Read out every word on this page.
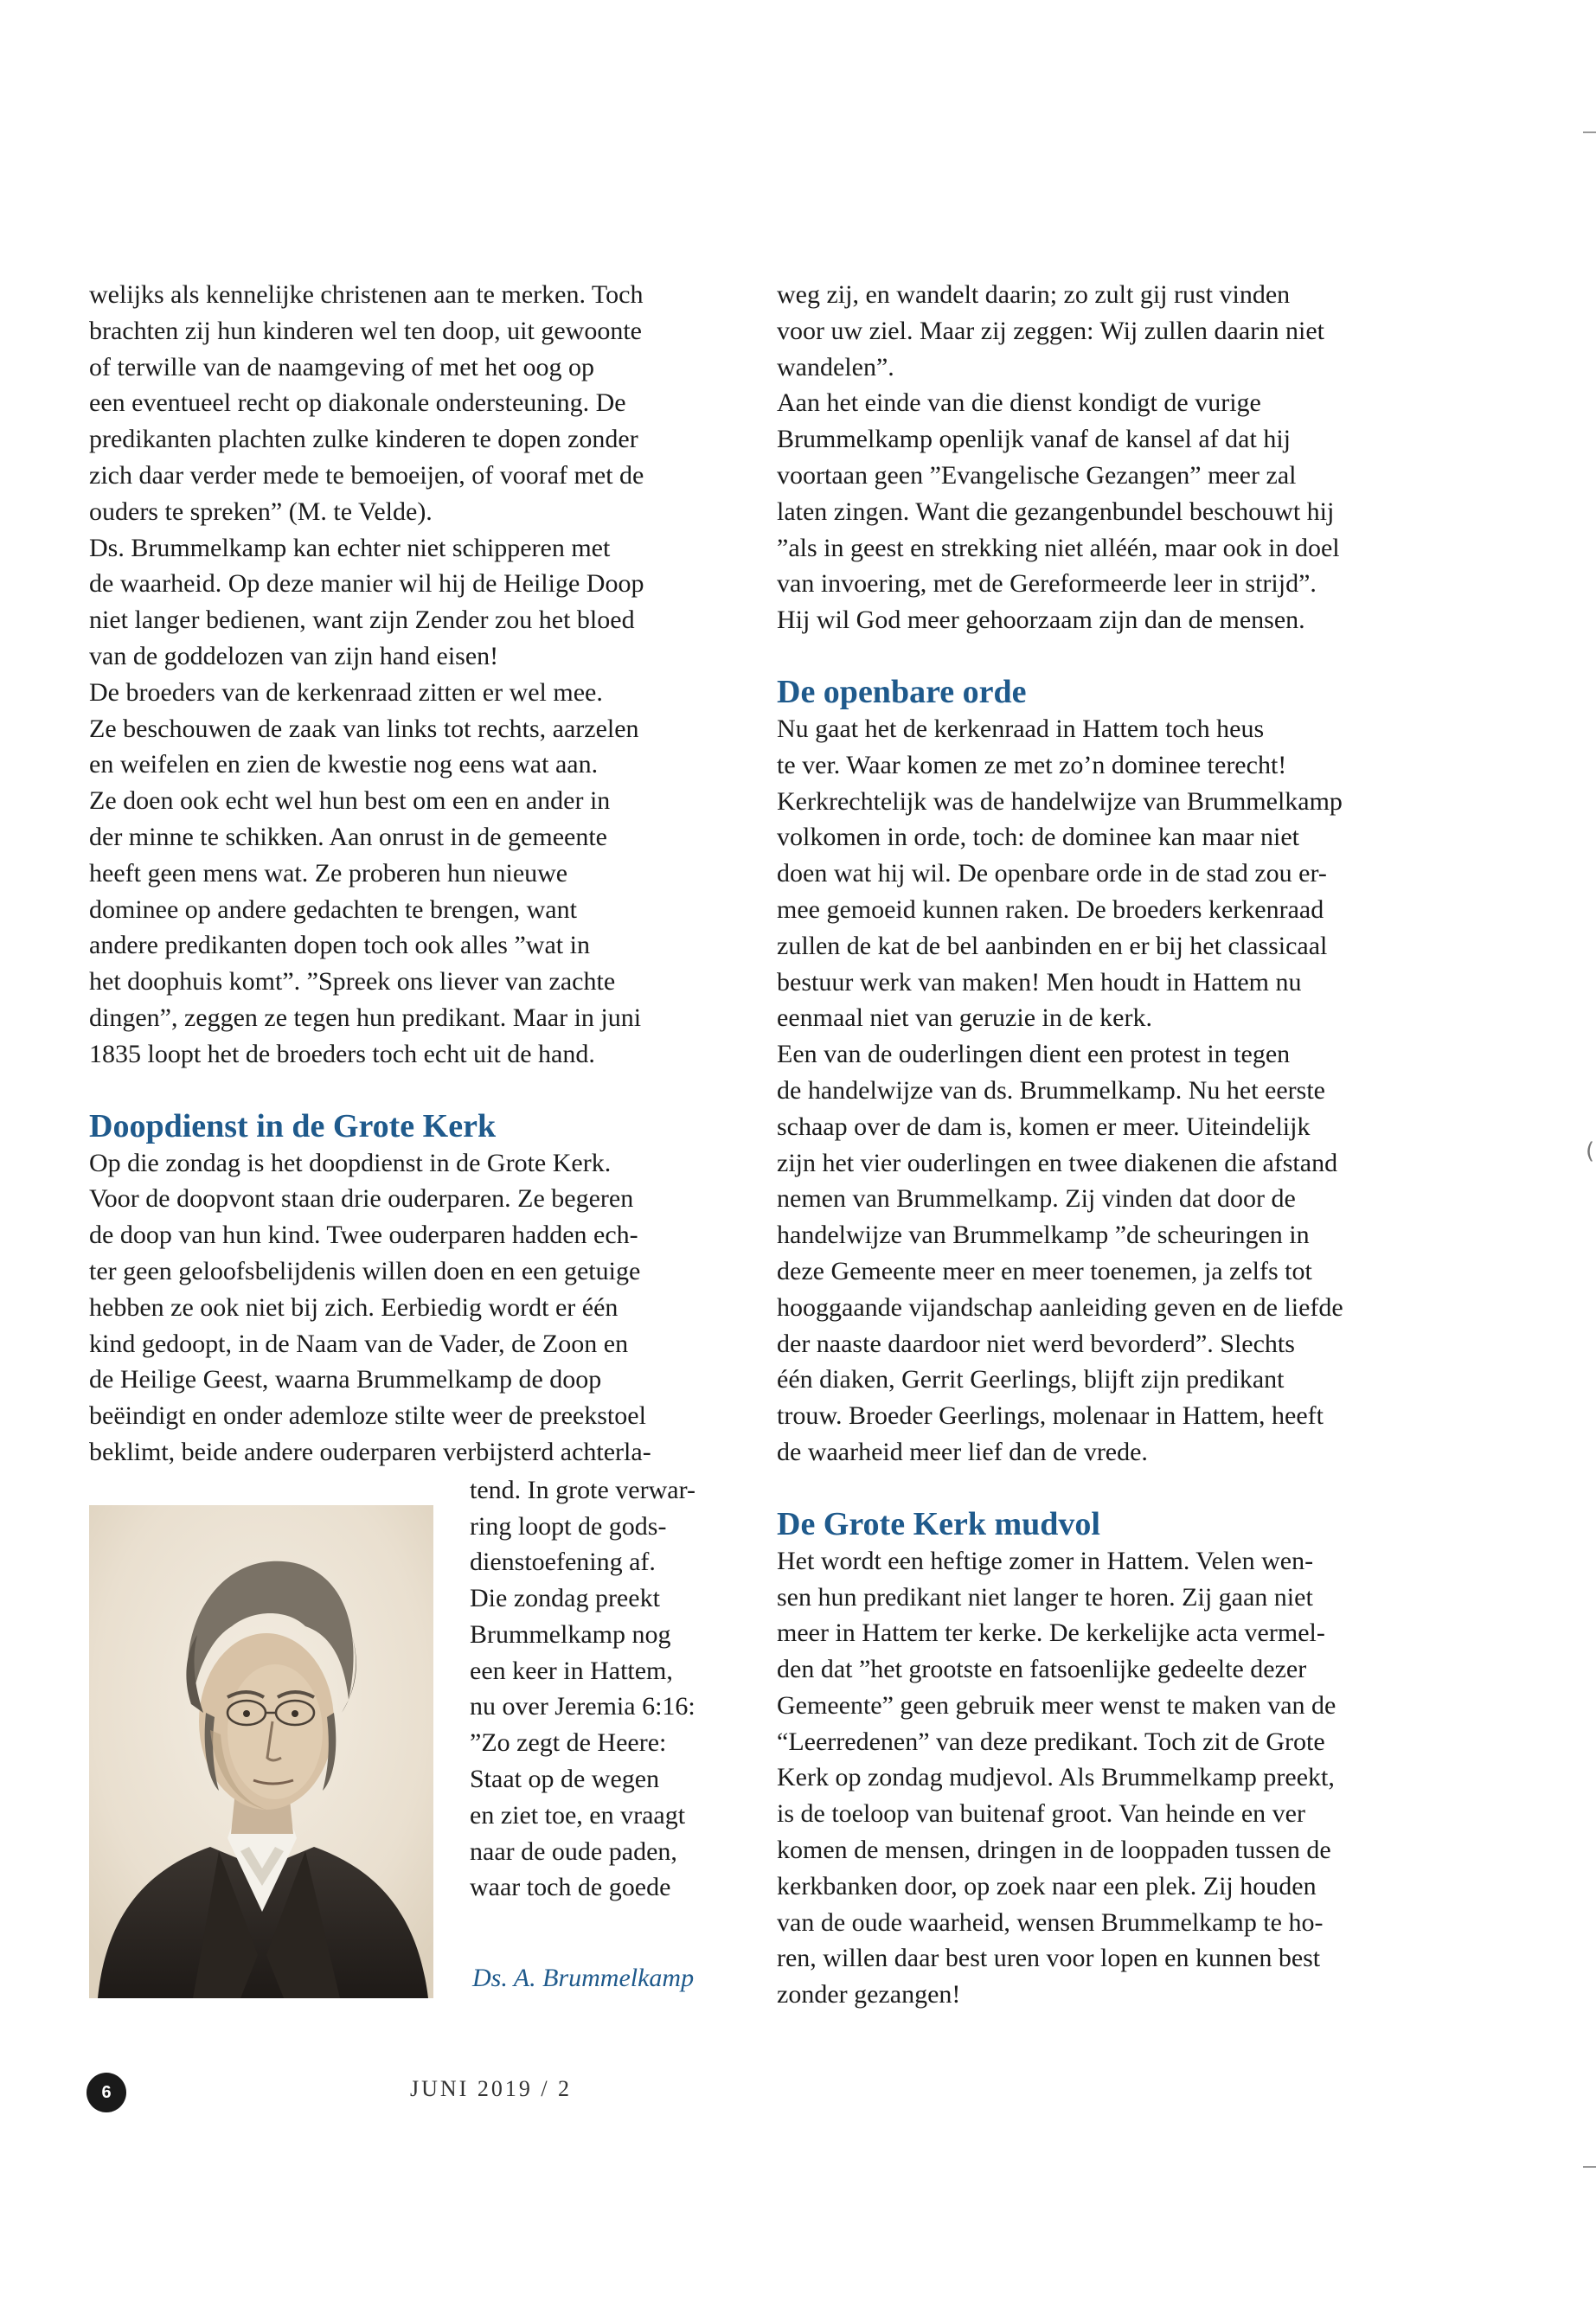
welijks als kennelijke christenen aan te merken. Toch
brachten zij hun kinderen wel ten doop, uit gewoonte
of terwille van de naamgeving of met het oog op
een eventueel recht op diakonale ondersteuning. De
predikanten plachten zulke kinderen te dopen zonder
zich daar verder mede te bemoeijen, of vooraf met de
ouders te spreken” (M. te Velde).

Ds. Brummelkamp kan echter niet schipperen met
de waarheid. Op deze manier wil hij de Heilige Doop
niet langer bedienen, want zijn Zender zou het bloed
van de goddelozen van zijn hand eisen!

De broeders van de kerkenraad zitten er wel mee.
Ze beschouwen de zaak van links tot rechts, aarzelen
en weifelen en zien de kwestie nog eens wat aan.
Ze doen ook echt wel hun best om een en ander in
der minne te schikken. Aan onrust in de gemeente
heeft geen mens wat. Ze proberen hun nieuwe
dominee op andere gedachten te brengen, want
andere predikanten dopen toch ook alles ”wat in
het doophuis komt”. ”Spreek ons liever van zachte
dingen”, zeggen ze tegen hun predikant. Maar in juni
1835 loopt het de broeders toch echt uit de hand.

Doopdienst in de Grote Kerk

Op die zondag is het doopdienst in de Grote Kerk.
Voor de doopvont staan drie ouderparen. Ze begeren
de doop van hun kind. Twee ouderparen hadden ech-
ter geen geloofsbelijdenis willen doen en een getuige
hebben ze ook niet bij zich. Eerbiedig wordt er één
kind gedoopt, in de Naam van de Vader, de Zoon en
de Heilige Geest, waarna Brummelkamp de doop
beëindigt en onder ademloze stilte weer de preekstoel
beklimt, beide andere ouderparen verbijsterd achterla-

tend. In grote verwar-
ring loopt de gods-
dienstoefening af.
Die zondag preekt
Brummelkamp nog
een keer in Hattem,
nu over Jeremia 6:16:
”Zo zegt de Heere:
Staat op de wegen
en ziet toe, en vraagt
naar de oude paden,
waar toch de goede

Ds. A. Brummelkamp

weg zij, en wandelt daarin; zo zult gij rust vinden
voor uw ziel. Maar zij zeggen: Wij zullen daarin niet
wandelen”.

Aan het einde van die dienst kondigt de vurige
Brummelkamp openlijk vanaf de kansel af dat hij
voortaan geen ”Evangelische Gezangen” meer zal
laten zingen. Want die gezangenbundel beschouwt hij
”als in geest en strekking niet alléén, maar ook in doel
van invoering, met de Gereformeerde leer in strijd”.
Hij wil God meer gehoorzaam zijn dan de mensen.

De openbare orde

Nu gaat het de kerkenraad in Hattem toch heus
te ver. Waar komen ze met zo’n dominee terecht!
Kerkrechtelijk was de handelwijze van Brummelkamp
volkomen in orde, toch: de dominee kan maar niet
doen wat hij wil. De openbare orde in de stad zou er-
mee gemoeid kunnen raken. De broeders kerkenraad
zullen de kat de bel aanbinden en er bij het classicaal
bestuur werk van maken! Men houdt in Hattem nu
eenmaal niet van geruzie in de kerk.

Een van de ouderlingen dient een protest in tegen
de handelwijze van ds. Brummelkamp. Nu het eerste
schaap over de dam is, komen er meer. Uiteindelijk
zijn het vier ouderlingen en twee diakenen die afstand
nemen van Brummelkamp. Zij vinden dat door de
handelwijze van Brummelkamp ”de scheuringen in
deze Gemeente meer en meer toenemen, ja zelfs tot
hooggaande vijandschap aanleiding geven en de liefde
der naaste daardoor niet werd bevorderd”. Slechts
één diaken, Gerrit Geerlings, blijft zijn predikant
trouw. Broeder Geerlings, molenaar in Hattem, heeft
de waarheid meer lief dan de vrede.

De Grote Kerk mudvol

Het wordt een heftige zomer in Hattem. Velen wen-
sen hun predikant niet langer te horen. Zij gaan niet
meer in Hattem ter kerke. De kerkelijke acta vermel-
den dat ”het grootste en fatsoenlijke gedeelte dezer
Gemeente” geen gebruik meer wenst te maken van de
“Leerredenen” van deze predikant. Toch zit de Grote
Kerk op zondag mudjevol. Als Brummelkamp preekt,
is de toeloop van buitenaf groot. Van heinde en ver
komen de mensen, dringen in de looppaden tussen de
kerkbanken door, op zoek naar een plek. Zij houden
van de oude waarheid, wensen Brummelkamp te ho-
ren, willen daar best uren voor lopen en kunnen best
zonder gezangen!

6	JUNI 2019 / 2
(
